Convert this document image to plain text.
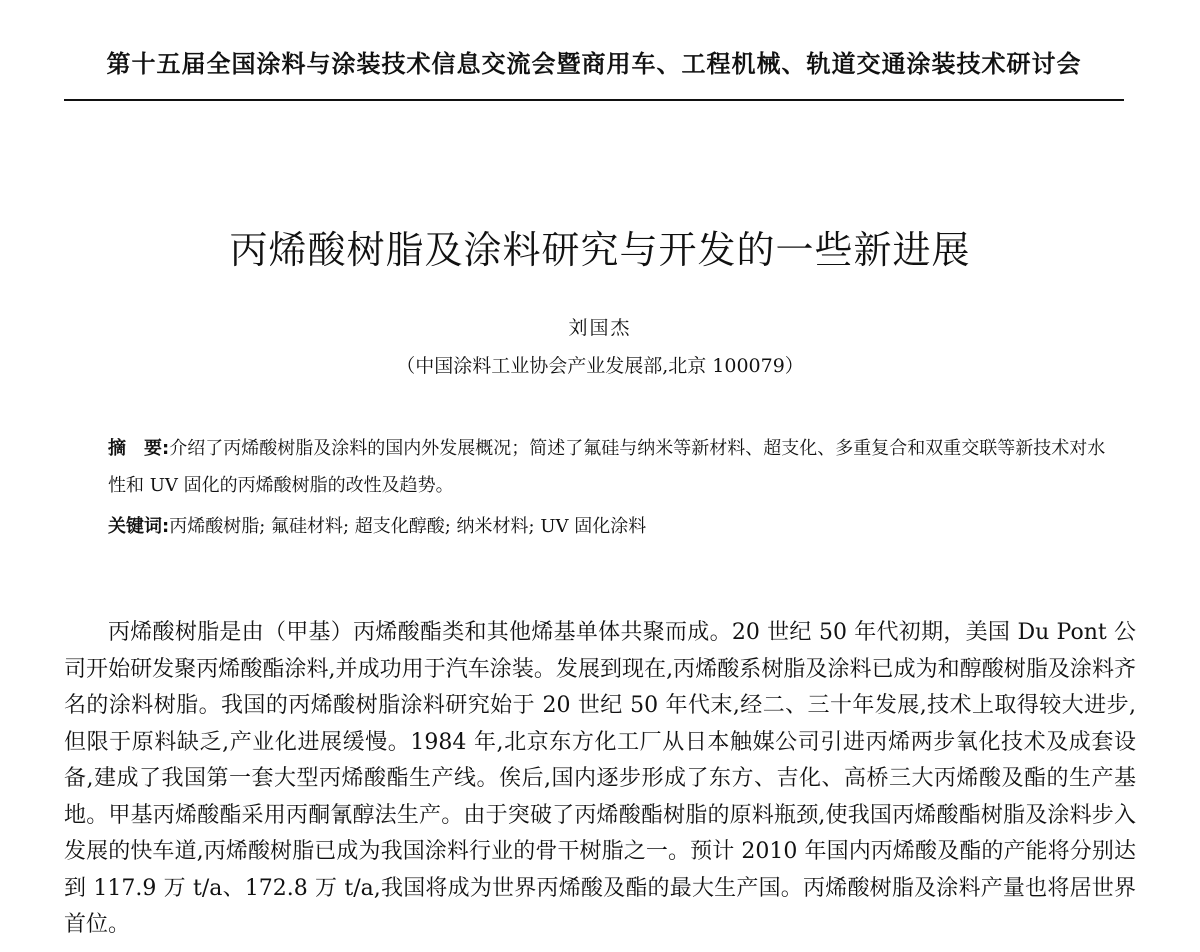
第十五届全国涂料与涂装技术信息交流会暨商用车、工程机械、轨道交通涂装技术研讨会
丙烯酸树脂及涂料研究与开发的一些新进展
刘国杰
（中国涂料工业协会产业发展部,北京 100079）
摘　要:介绍了丙烯酸树脂及涂料的国内外发展概况；简述了氟硅与纳米等新材料、超支化、多重复合和双重交联等新技术对水性和 UV 固化的丙烯酸树脂的改性及趋势。
关键词:丙烯酸树脂; 氟硅材料; 超支化醇酸; 纳米材料; UV 固化涂料

丙烯酸树脂是由（甲基）丙烯酸酯类和其他烯基单体共聚而成。20 世纪 50 年代初期，美国 Du Pont 公司开始研发聚丙烯酸酯涂料,并成功用于汽车涂装。发展到现在,丙烯酸系树脂及涂料已成为和醇酸树脂及涂料齐名的涂料树脂。我国的丙烯酸树脂涂料研究始于 20 世纪 50 年代末,经二、三十年发展,技术上取得较大进步,但限于原料缺乏,产业化进展缓慢。1984 年,北京东方化工厂从日本触媒公司引进丙烯两步氧化技术及成套设备,建成了我国第一套大型丙烯酸酯生产线。俟后,国内逐步形成了东方、吉化、高桥三大丙烯酸及酯的生产基地。甲基丙烯酸酯采用丙酮氰醇法生产。由于突破了丙烯酸酯树脂的原料瓶颈,使我国丙烯酸酯树脂及涂料步入发展的快车道,丙烯酸树脂已成为我国涂料行业的骨干树脂之一。预计 2010 年国内丙烯酸及酯的产能将分别达到 117.9 万 t/a、172.8 万 t/a,我国将成为世界丙烯酸及酯的最大生产国。丙烯酸树脂及涂料产量也将居世界首位。
